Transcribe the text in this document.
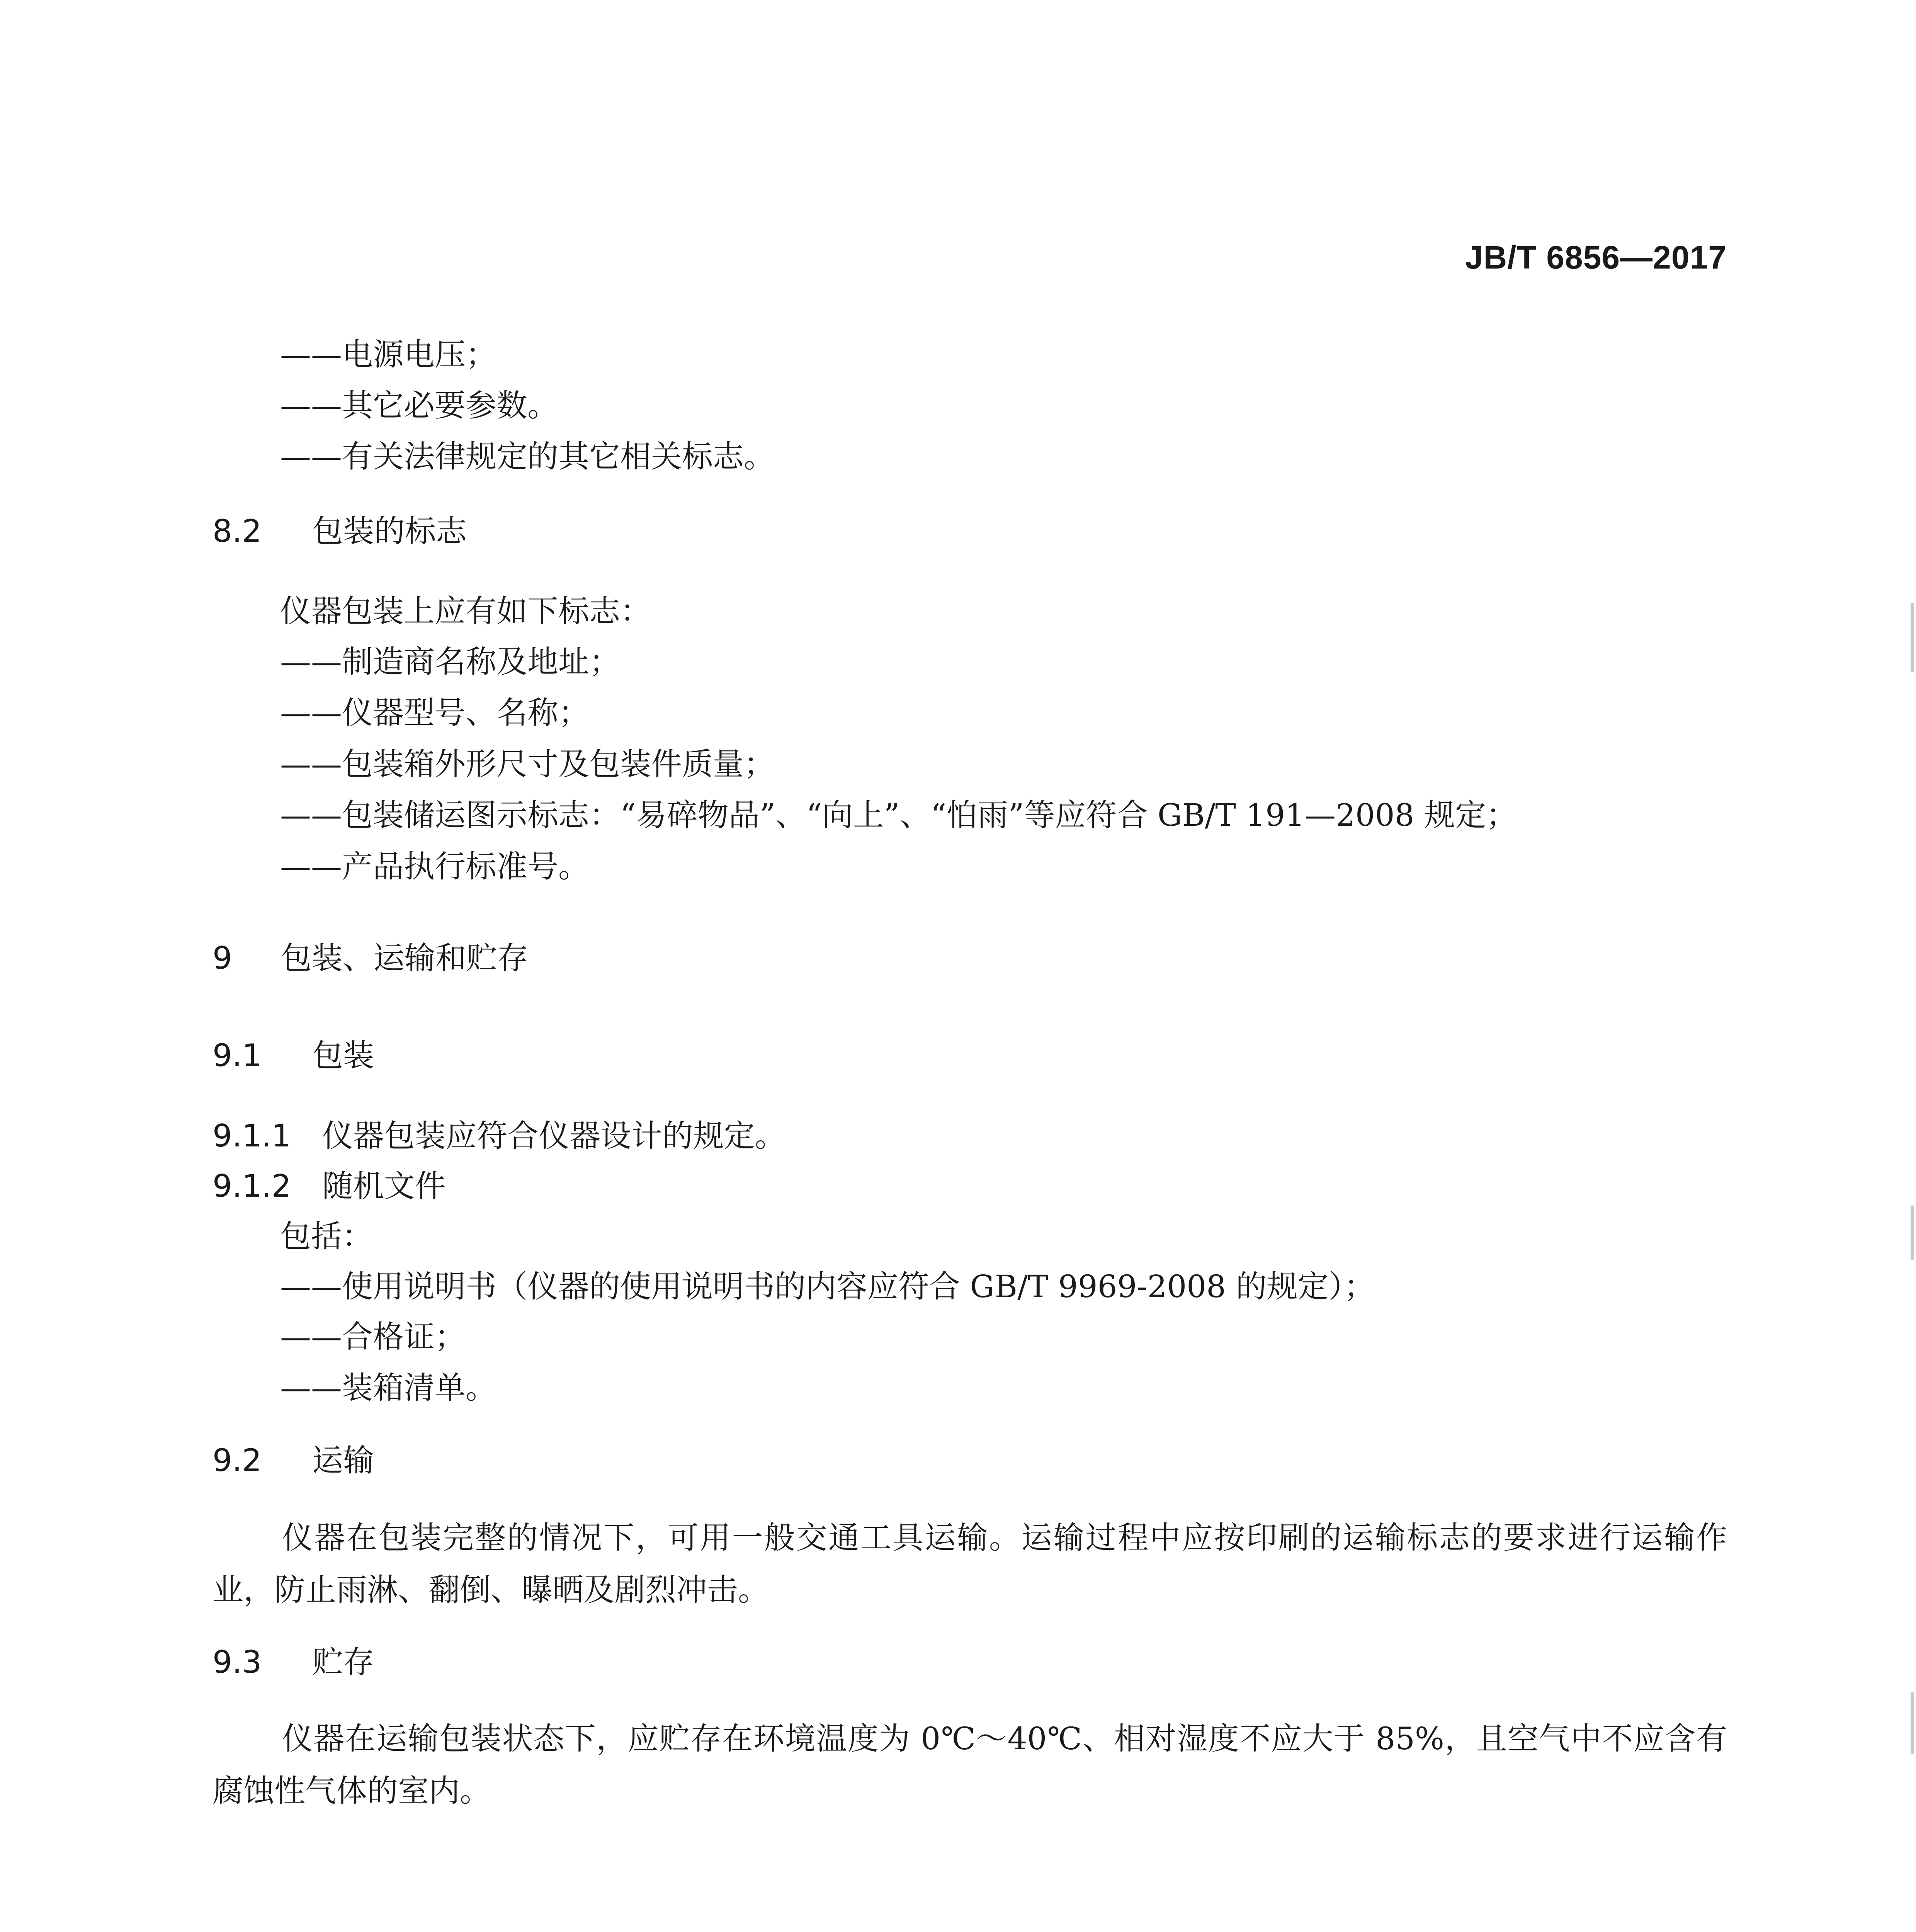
JB/T 6856—2017
——电源电压；
——其它必要参数。
——有关法律规定的其它相关标志。
8.2 包装的标志
仪器包装上应有如下标志：
——制造商名称及地址；
——仪器型号、名称；
——包装箱外形尺寸及包装件质量；
——包装储运图示标志：“易碎物品”、“向上”、“怕雨”等应符合 GB/T 191—2008 规定；
——产品执行标准号。
9 包装、运输和贮存
9.1 包装
9.1.1 仪器包装应符合仪器设计的规定。
9.1.2 随机文件
包括：
——使用说明书（仪器的使用说明书的内容应符合 GB/T 9969-2008 的规定）；
——合格证；
——装箱清单。
9.2 运输
仪器在包装完整的情况下，可用一般交通工具运输。运输过程中应按印刷的运输标志的要求进行运输作业，防止雨淋、翻倒、曝晒及剧烈冲击。
9.3 贮存
仪器在运输包装状态下，应贮存在环境温度为 0℃～40℃、相对湿度不应大于 85%，且空气中不应含有腐蚀性气体的室内。
